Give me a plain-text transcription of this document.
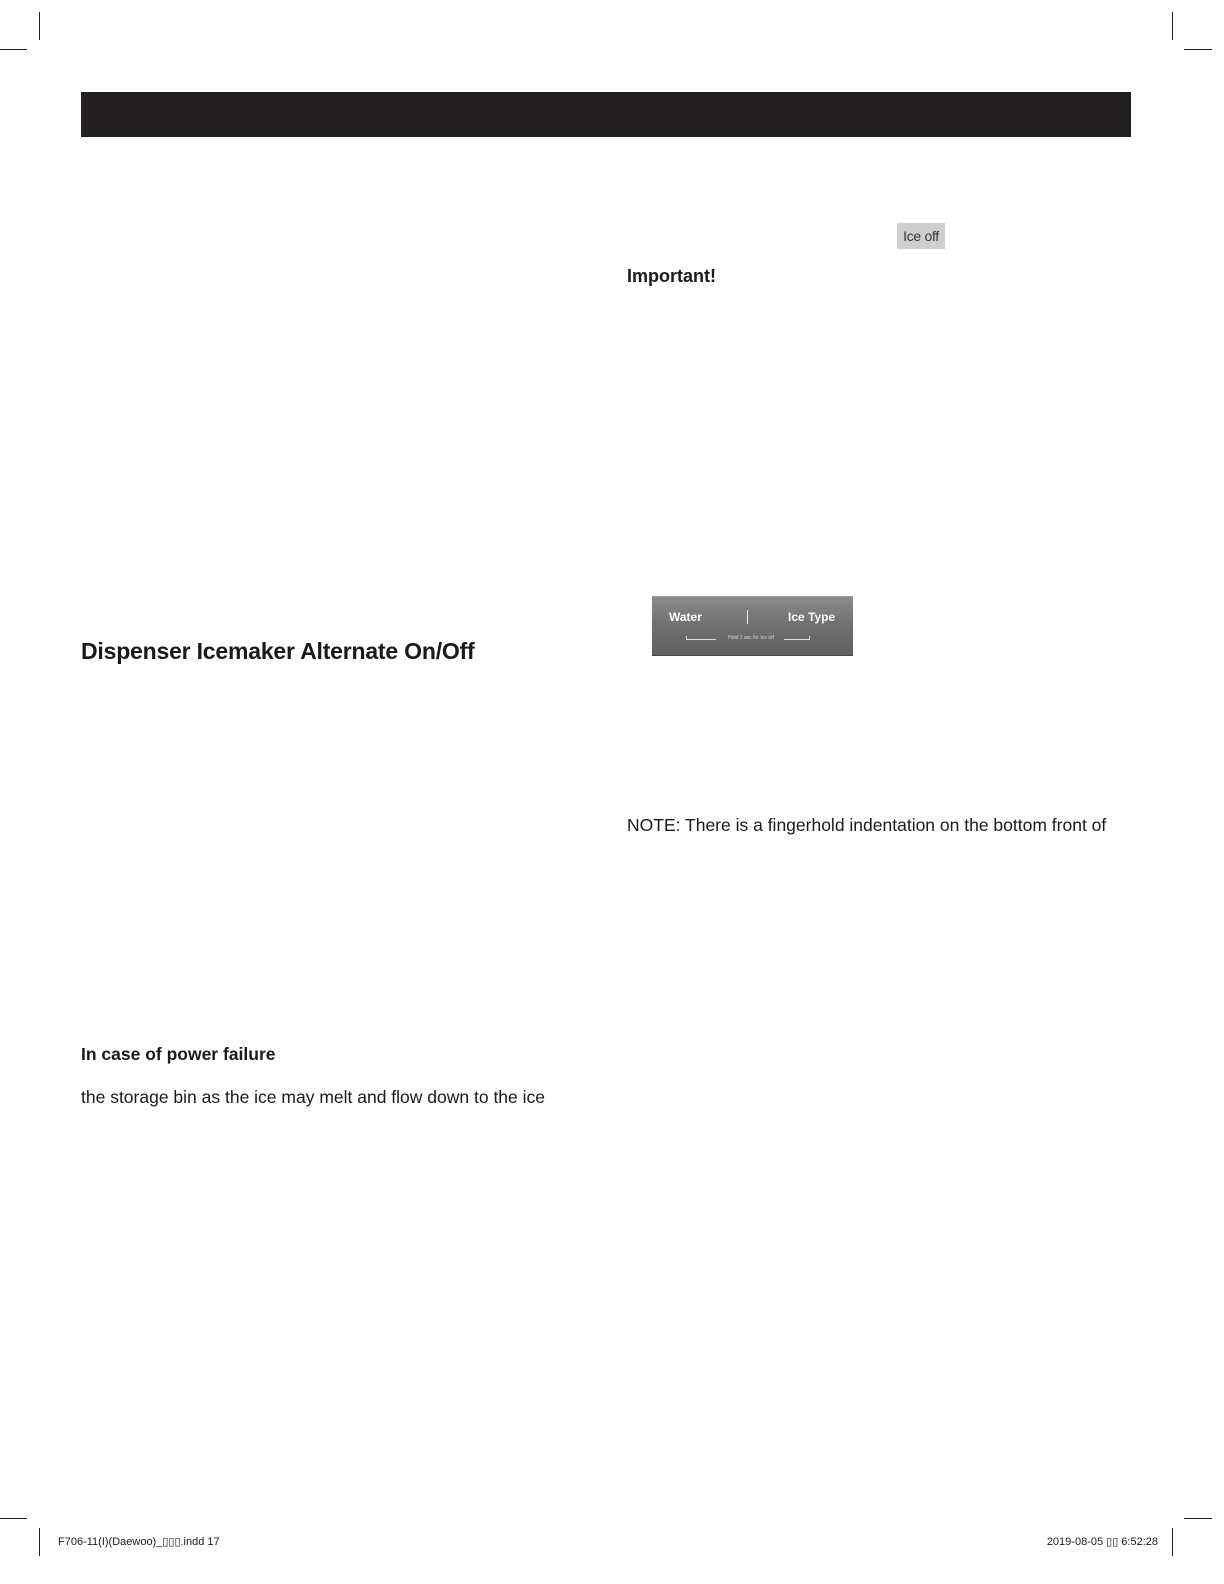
Ice off
Important!
Water	Ice Type
Hold 3 sec for Ice off
Dispenser Icemaker Alternate On/Off
NOTE: There is a fingerhold indentation on the bottom front of
In case of power failure
the storage bin as the ice may melt and flow down to the ice
F706-11(I)(Daewoo)_▯▯▯.indd 17	2019-08-05 ▯▯ 6:52:28
